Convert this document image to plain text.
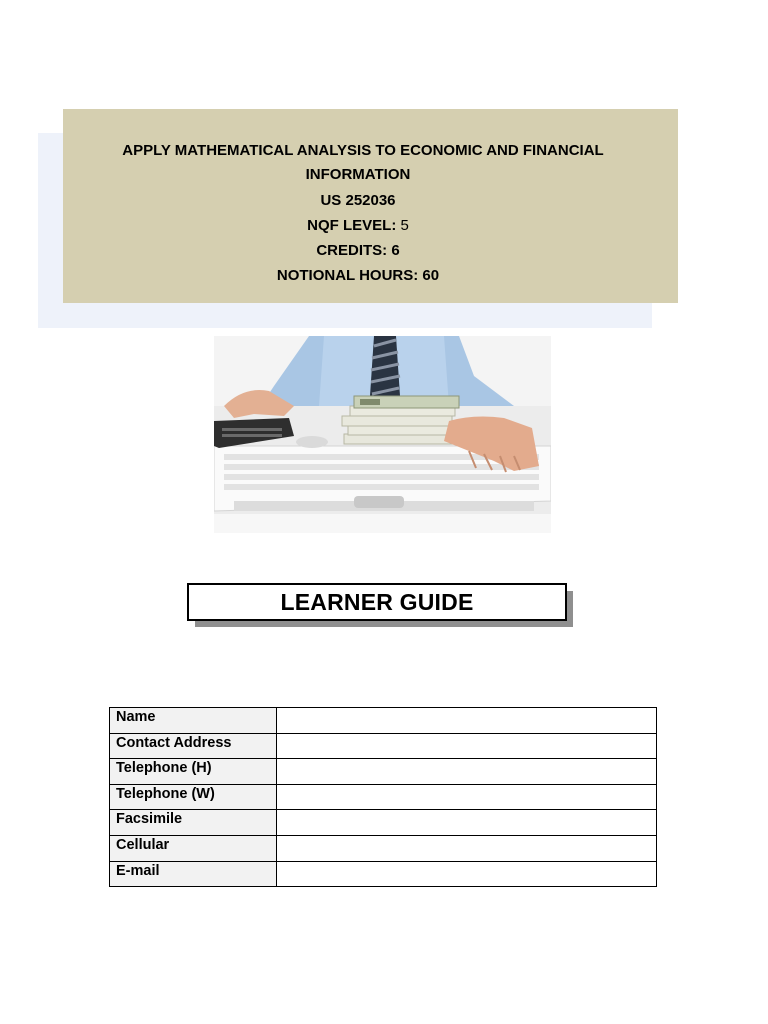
APPLY MATHEMATICAL ANALYSIS TO ECONOMIC AND FINANCIAL
INFORMATION
US 252036
NQF LEVEL: 5
CREDITS: 6
NOTIONAL HOURS: 60
LEARNER GUIDE
Name	
Contact Address	
Telephone (H)	
Telephone (W)	
Facsimile	
Cellular	
E-mail	
